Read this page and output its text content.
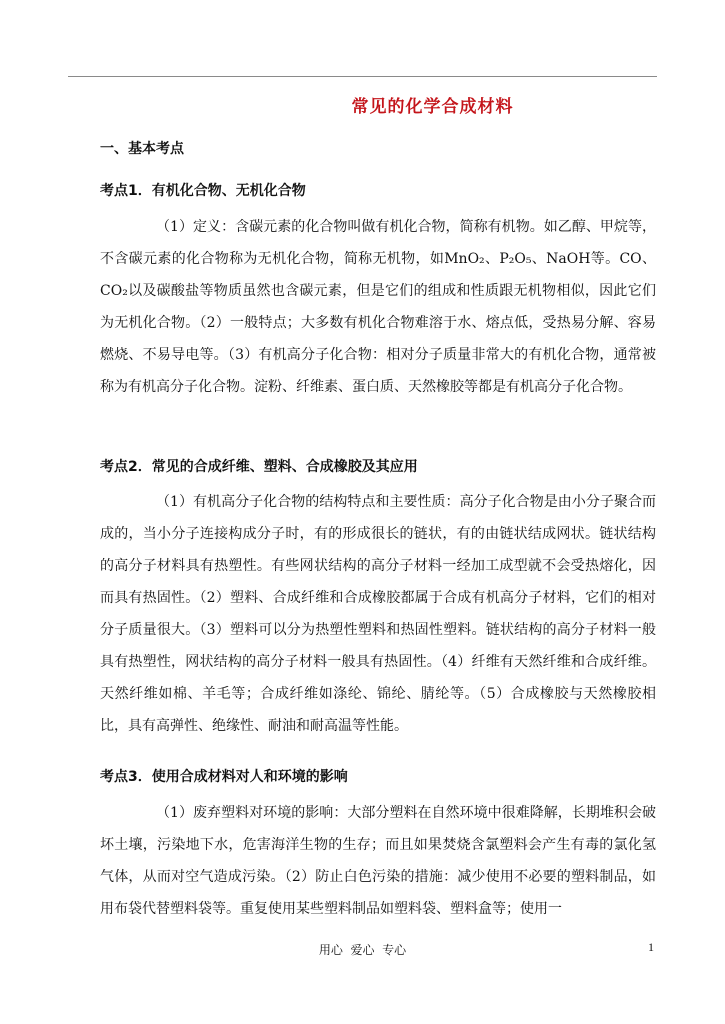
常见的化学合成材料
一、基本考点
考点1．有机化合物、无机化合物
（1）定义：含碳元素的化合物叫做有机化合物，简称有机物。如乙醇、甲烷等，不含碳元素的化合物称为无机化合物，简称无机物，如MnO₂、P₂O₅、NaOH等。CO、CO₂以及碳酸盐等物质虽然也含碳元素，但是它们的组成和性质跟无机物相似，因此它们为无机化合物。（2）一般特点；大多数有机化合物难溶于水、熔点低，受热易分解、容易燃烧、不易导电等。（3）有机高分子化合物：相对分子质量非常大的有机化合物，通常被称为有机高分子化合物。淀粉、纤维素、蛋白质、天然橡胶等都是有机高分子化合物。
考点2．常见的合成纤维、塑料、合成橡胶及其应用
（1）有机高分子化合物的结构特点和主要性质：高分子化合物是由小分子聚合而成的，当小分子连接构成分子时，有的形成很长的链状，有的由链状结成网状。链状结构的高分子材料具有热塑性。有些网状结构的高分子材料一经加工成型就不会受热熔化，因而具有热固性。（2）塑料、合成纤维和合成橡胶都属于合成有机高分子材料，它们的相对分子质量很大。（3）塑料可以分为热塑性塑料和热固性塑料。链状结构的高分子材料一般具有热塑性，网状结构的高分子材料一般具有热固性。（4）纤维有天然纤维和合成纤维。天然纤维如棉、羊毛等；合成纤维如涤纶、锦纶、腈纶等。（5）合成橡胶与天然橡胶相比，具有高弹性、绝缘性、耐油和耐高温等性能。
考点3．使用合成材料对人和环境的影响
（1）废弃塑料对环境的影响：大部分塑料在自然环境中很难降解，长期堆积会破坏土壤，污染地下水，危害海洋生物的生存；而且如果焚烧含氯塑料会产生有毒的氯化氢气体，从而对空气造成污染。（2）防止白色污染的措施：减少使用不必要的塑料制品，如用布袋代替塑料袋等。重复使用某些塑料制品如塑料袋、塑料盒等；使用一
用心  爱心  专心	1
